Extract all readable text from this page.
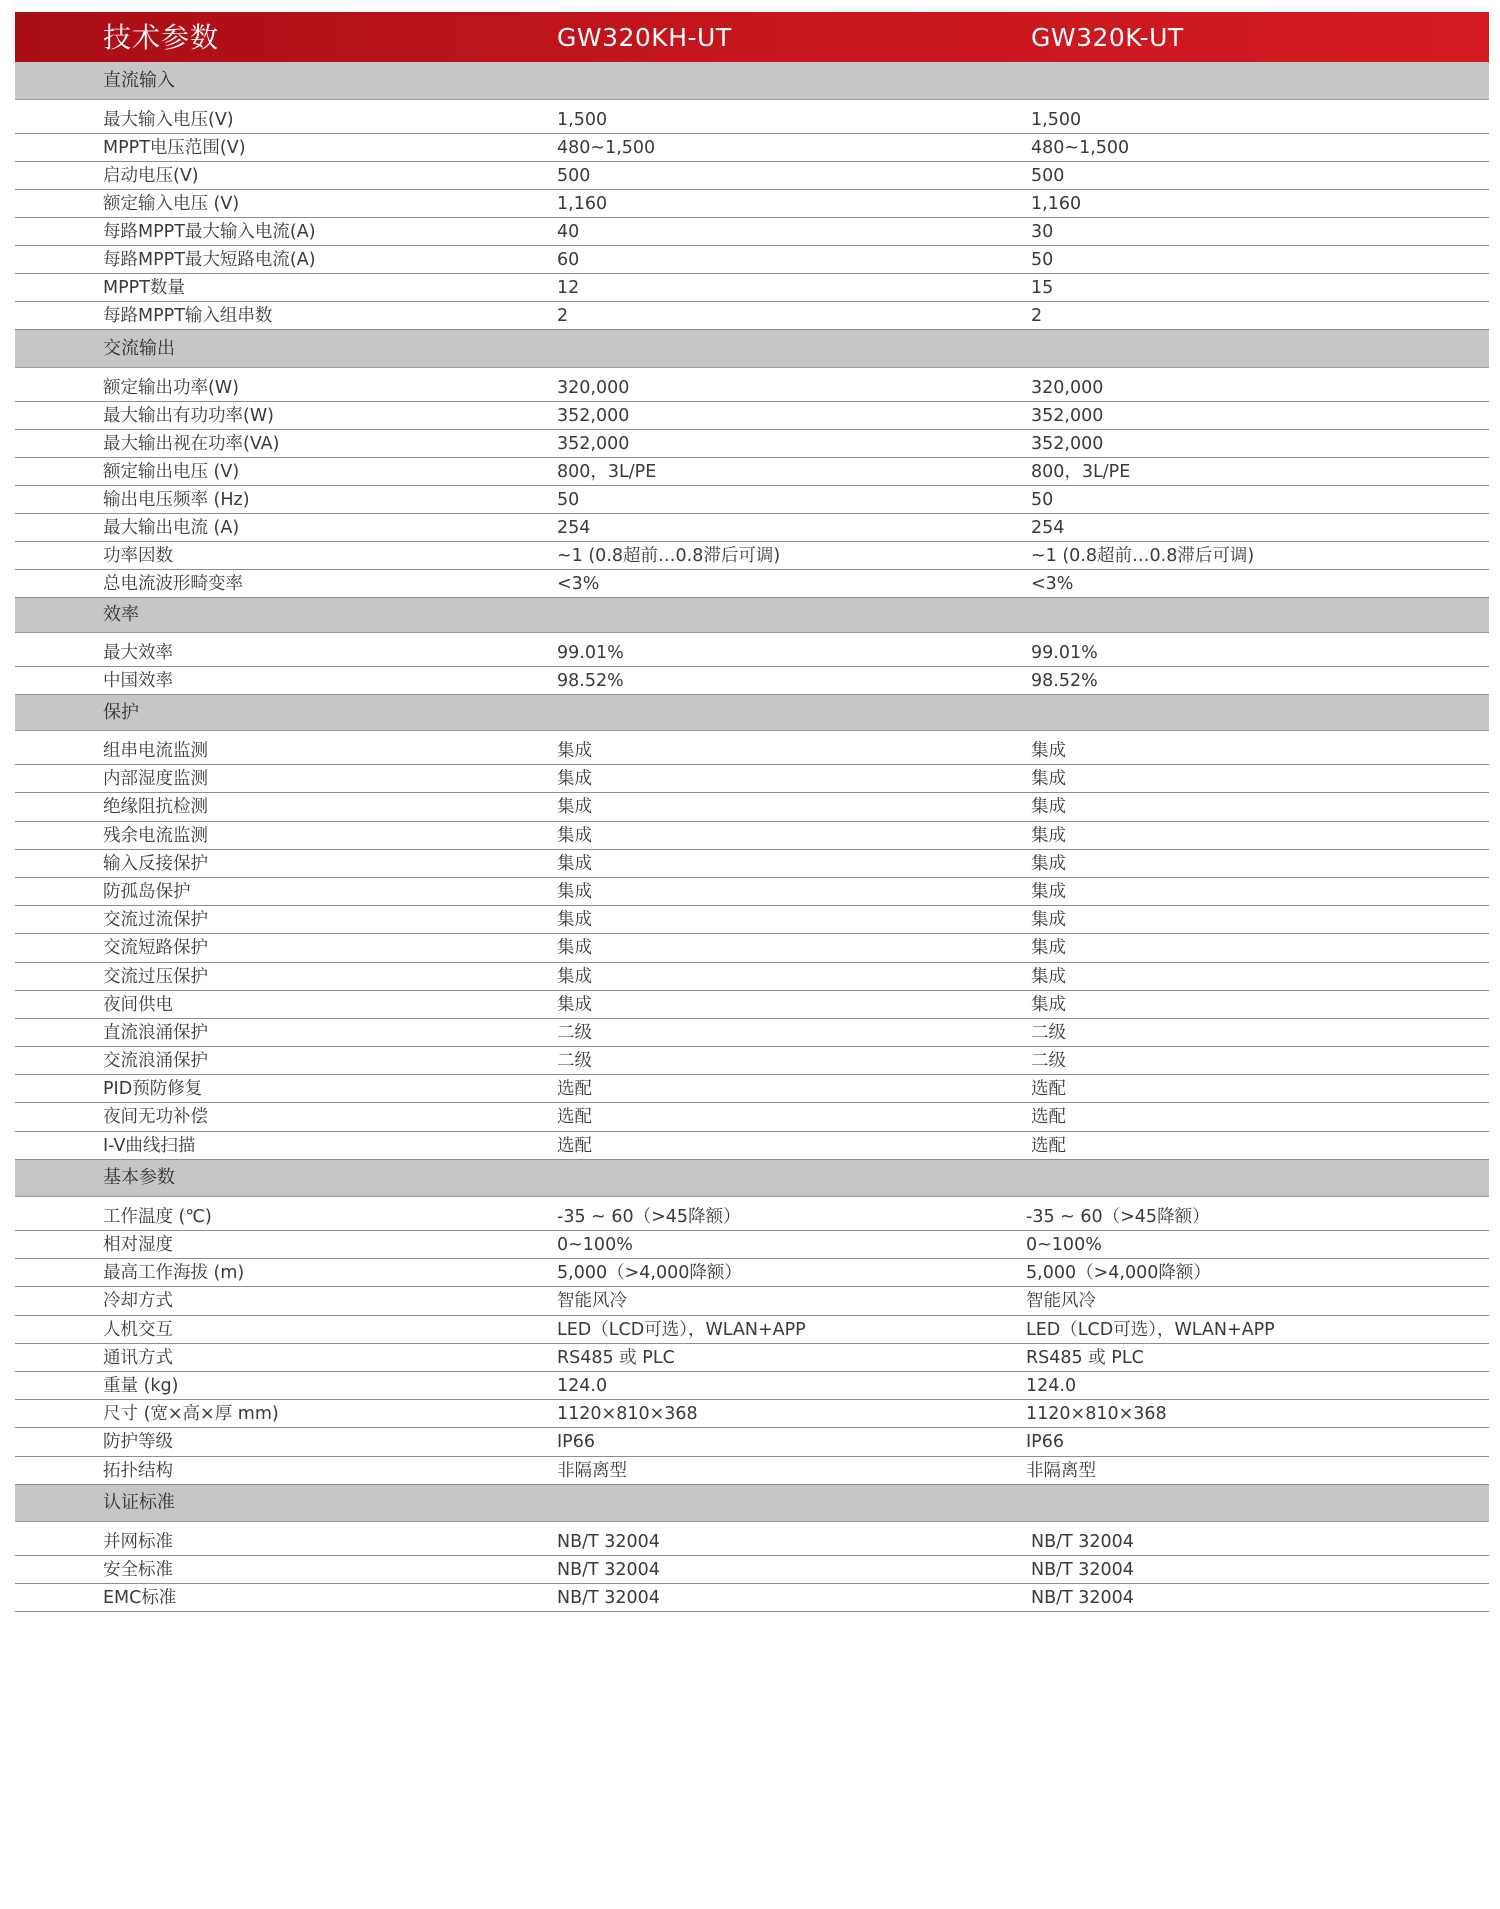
技术参数	GW320KH-UT	GW320K-UT
直流输入
最大输入电压(V)	1,500	1,500
MPPT电压范围(V)	480~1,500	480~1,500
启动电压(V)	500	500
额定输入电压 (V)	1,160	1,160
每路MPPT最大输入电流(A)	40	30
每路MPPT最大短路电流(A)	60	50
MPPT数量	12	15
每路MPPT输入组串数	2	2
交流输出
额定输出功率(W)	320,000	320,000
最大输出有功功率(W)	352,000	352,000
最大输出视在功率(VA)	352,000	352,000
额定输出电压 (V)	800，3L/PE	800，3L/PE
输出电压频率 (Hz)	50	50
最大输出电流 (A)	254	254
功率因数	~1 (0.8超前…0.8滞后可调)	~1 (0.8超前…0.8滞后可调)
总电流波形畸变率	<3%	<3%
效率
最大效率	99.01%	99.01%
中国效率	98.52%	98.52%
保护
组串电流监测	集成	集成
内部湿度监测	集成	集成
绝缘阻抗检测	集成	集成
残余电流监测	集成	集成
输入反接保护	集成	集成
防孤岛保护	集成	集成
交流过流保护	集成	集成
交流短路保护	集成	集成
交流过压保护	集成	集成
夜间供电	集成	集成
直流浪涌保护	二级	二级
交流浪涌保护	二级	二级
PID预防修复	选配	选配
夜间无功补偿	选配	选配
I-V曲线扫描	选配	选配
基本参数
工作温度 (℃)	-35 ~ 60（>45降额）	-35 ~ 60（>45降额）
相对湿度	0~100%	0~100%
最高工作海拔 (m)	5,000（>4,000降额）	5,000（>4,000降额）
冷却方式	智能风冷	智能风冷
人机交互	LED（LCD可选），WLAN+APP	LED（LCD可选），WLAN+APP
通讯方式	RS485 或 PLC	RS485 或 PLC
重量 (kg)	124.0	124.0
尺寸 (宽×高×厚 mm)	1120×810×368	1120×810×368
防护等级	IP66	IP66
拓扑结构	非隔离型	非隔离型
认证标准
并网标准	NB/T 32004	NB/T 32004
安全标准	NB/T 32004	NB/T 32004
EMC标准	NB/T 32004	NB/T 32004
